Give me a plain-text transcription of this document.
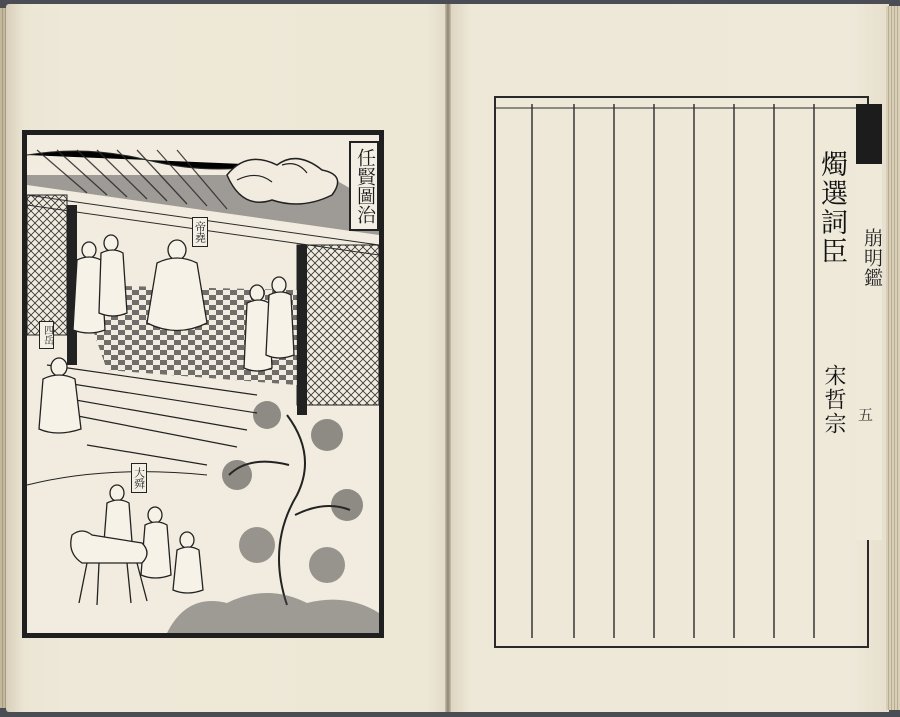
任賢圖治
帝堯
四岳
大舜
崩明鑑
五
燭選詞臣
宋哲宗
